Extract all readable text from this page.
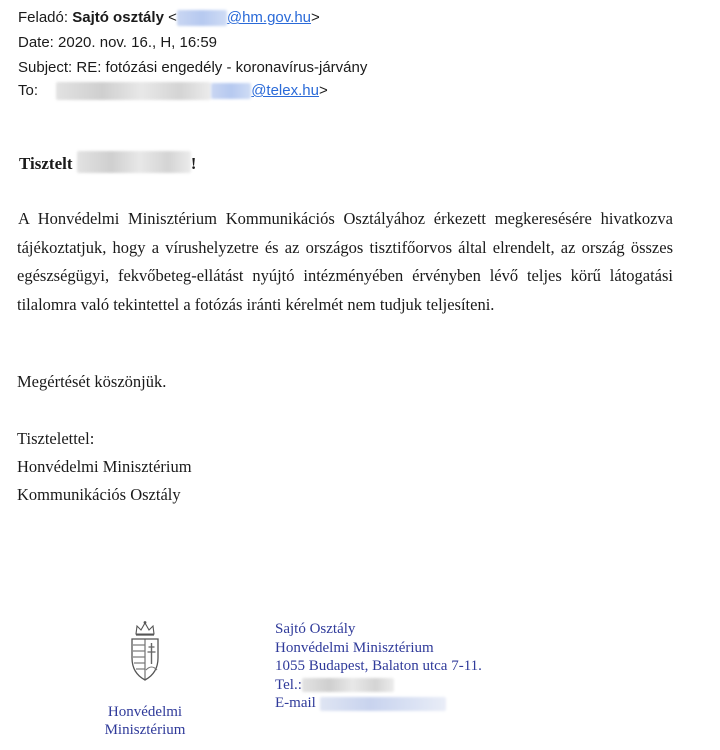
Feladó: Sajtó osztály <	@hm.gov.hu>
Date: 2020. nov. 16., H, 16:59
Subject: RE: fotózási engedély - koronavírus-járvány
To:	@telex.hu>
Tisztelt	!
A Honvédelmi Minisztérium Kommunikációs Osztályához érkezett megkeresésére hivatkozva tájékoztatjuk, hogy a vírushelyzetre és az országos tisztifőorvos által elrendelt, az ország összes egészségügyi, fekvőbeteg-ellátást nyújtó intézményében érvényben lévő teljes körű látogatási tilalomra való tekintettel a fotózás iránti kérelmét nem tudjuk teljesíteni.
Megértését köszönjük.
Tisztelettel:
Honvédelmi Minisztérium
Kommunikációs Osztály
Honvédelmi
Minisztérium
Sajtó Osztály
Honvédelmi Minisztérium
1055 Budapest, Balaton utca 7-11.
Tel.:
E-mail
